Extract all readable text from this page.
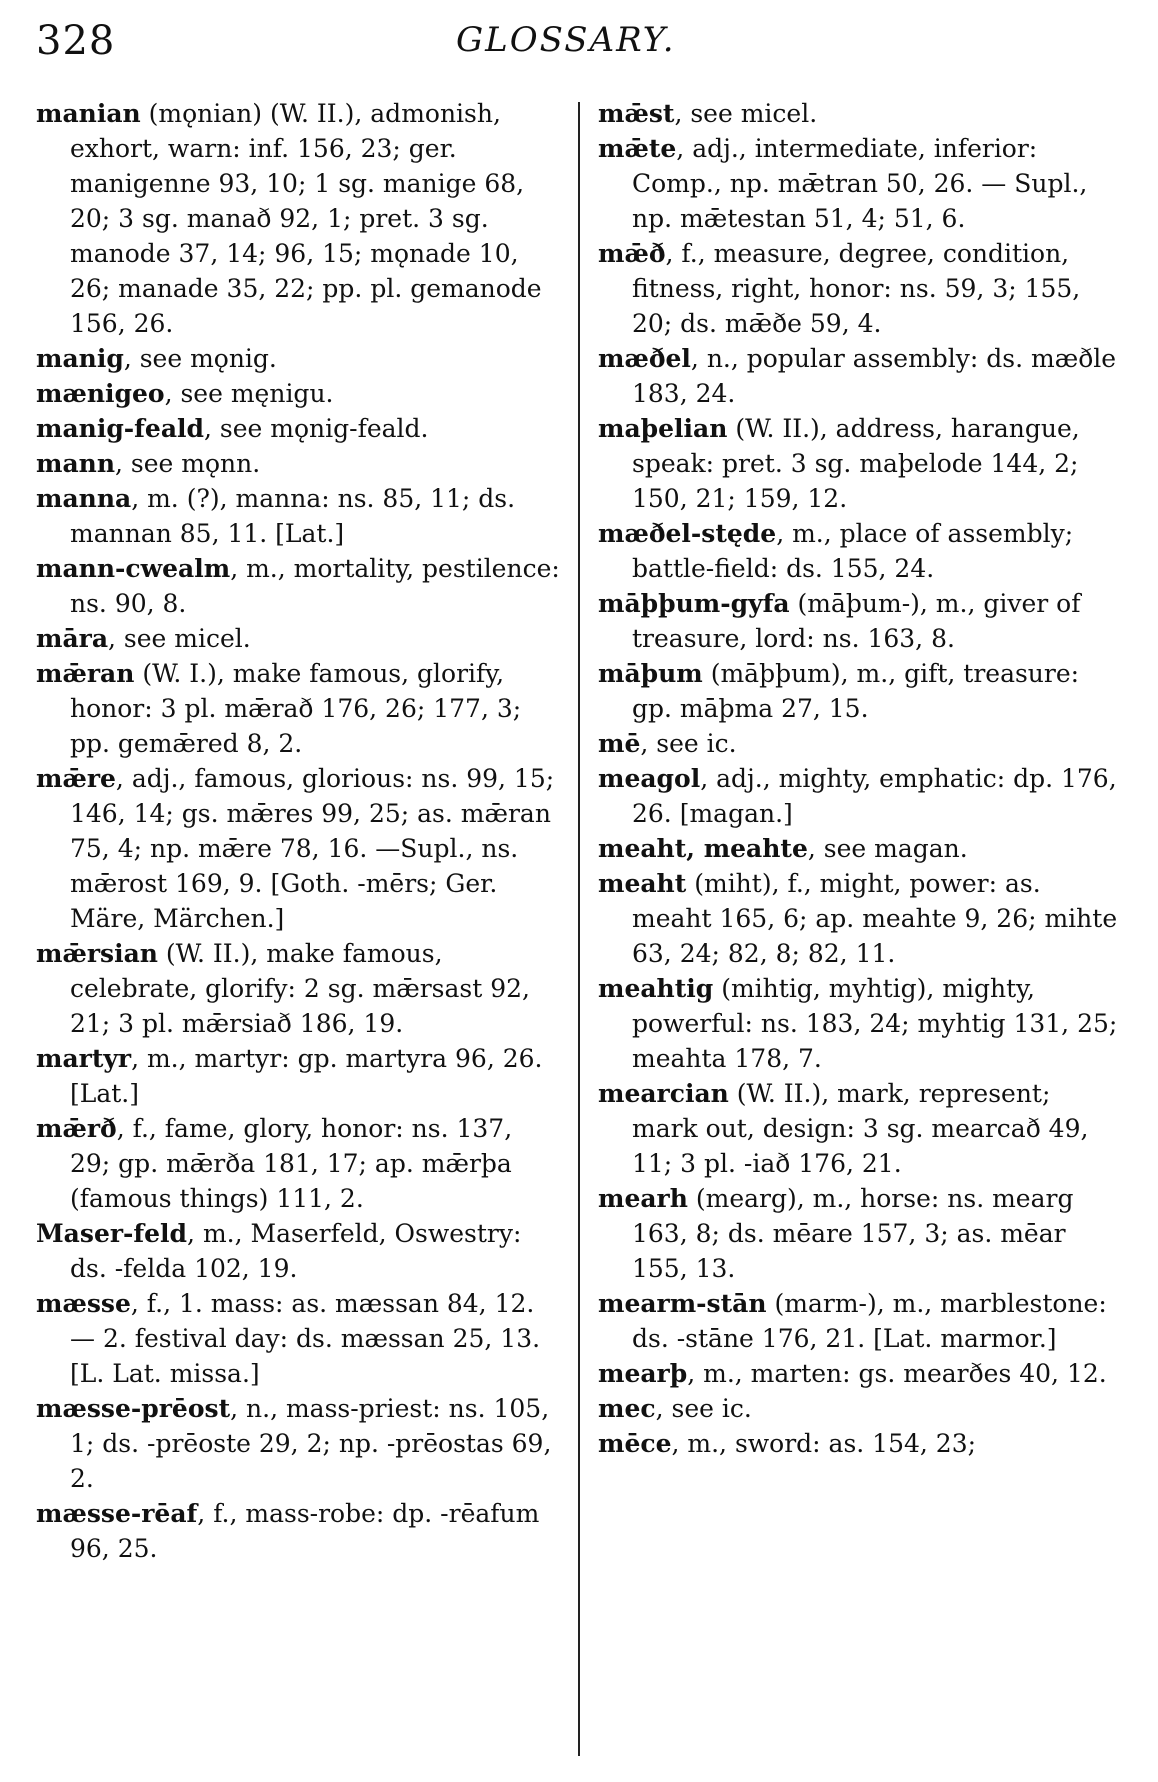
328	GLOSSARY.

manian (mǫnian) (W. II.), admonish, exhort, warn: inf. 156, 23; ger. manigenne 93, 10; 1 sg. manige 68, 20; 3 sg. manað 92, 1; pret. 3 sg. manode 37, 14; 96, 15; mǫnade 10, 26; manade 35, 22; pp. pl. gemanode 156, 26.

manig, see mǫnig.

mænigeo, see męnigu.

manig-feald, see mǫnig-feald.

mann, see mǫnn.

manna, m. (?), manna: ns. 85, 11; ds. mannan 85, 11. [Lat.]

mann-cwealm, m., mortality, pestilence: ns. 90, 8.

māra, see micel.

mǣran (W. I.), make famous, glorify, honor: 3 pl. mǣrað 176, 26; 177, 3; pp. gemǣred 8, 2.

mǣre, adj., famous, glorious: ns. 99, 15; 146, 14; gs. mǣres 99, 25; as. mǣran 75, 4; np. mǣre 78, 16. —Supl., ns. mǣrost 169, 9. [Goth. -mērs; Ger. Märe, Märchen.]

mǣrsian (W. II.), make famous, celebrate, glorify: 2 sg. mǣrsast 92, 21; 3 pl. mǣrsiað 186, 19.

martyr, m., martyr: gp. martyra 96, 26. [Lat.]

mǣrð, f., fame, glory, honor: ns. 137, 29; gp. mǣrða 181, 17; ap. mǣrþa (famous things) 111, 2.

Maser-feld, m., Maserfeld, Oswestry: ds. -felda 102, 19.

mæsse, f., 1. mass: as. mæssan 84, 12. — 2. festival day: ds. mæssan 25, 13. [L. Lat. missa.]

mæsse-prēost, n., mass-priest: ns. 105, 1; ds. -prēoste 29, 2; np. -prēostas 69, 2.

mæsse-rēaf, f., mass-robe: dp. -rēafum 96, 25.

mǣst, see micel.

mǣte, adj., intermediate, inferior: Comp., np. mǣtran 50, 26. — Supl., np. mǣtestan 51, 4; 51, 6.

mǣð, f., measure, degree, condition, fitness, right, honor: ns. 59, 3; 155, 20; ds. mǣðe 59, 4.

mæðel, n., popular assembly: ds. mæðle 183, 24.

maþelian (W. II.), address, harangue, speak: pret. 3 sg. maþelode 144, 2; 150, 21; 159, 12.

mæðel-stęde, m., place of assembly; battle-field: ds. 155, 24.

māþþum-gyfa (māþum-), m., giver of treasure, lord: ns. 163, 8.

māþum (māþþum), m., gift, treasure: gp. māþma 27, 15.

mē, see ic.

meagol, adj., mighty, emphatic: dp. 176, 26. [magan.]

meaht, meahte, see magan.

meaht (miht), f., might, power: as. meaht 165, 6; ap. meahte 9, 26; mihte 63, 24; 82, 8; 82, 11.

meahtig (mihtig, myhtig), mighty, powerful: ns. 183, 24; myhtig 131, 25; meahta 178, 7.

mearcian (W. II.), mark, represent; mark out, design: 3 sg. mearcað 49, 11; 3 pl. -iað 176, 21.

mearh (mearg), m., horse: ns. mearg 163, 8; ds. mēare 157, 3; as. mēar 155, 13.

mearm-stān (marm-), m., marblestone: ds. -stāne 176, 21. [Lat. marmor.]

mearþ, m., marten: gs. mearðes 40, 12.

mec, see ic.

mēce, m., sword: as. 154, 23;
